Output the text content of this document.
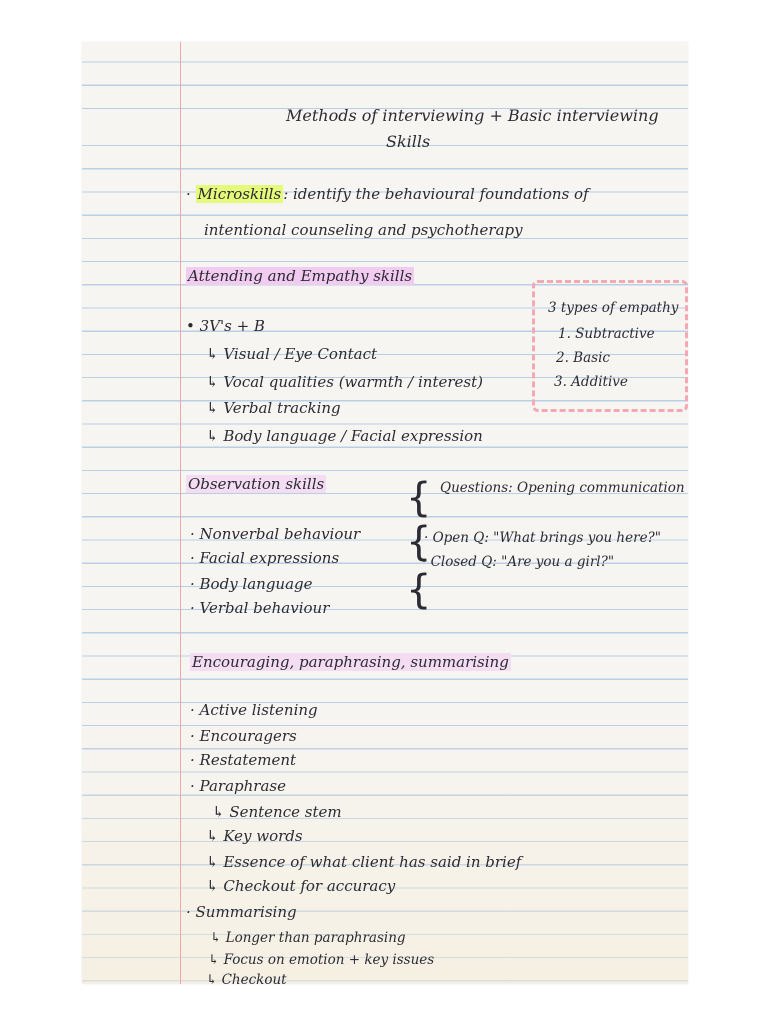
Methods of interviewing + Basic interviewing
Skills
· Microskills : identify the behavioural foundations of
intentional counseling and psychotherapy
Attending and Empathy skills
• 3V's + B
↳ Visual / Eye Contact
↳ Vocal qualities (warmth / interest)
↳ Verbal tracking
↳ Body language / Facial expression
3 types of empathy
1. Subtractive
2. Basic
3. Additive
Observation skills
· Nonverbal behaviour
· Facial expressions
· Body language
· Verbal behaviour
{
{
{
Questions: Opening communication
· Open Q: "What brings you here?"
· Closed Q: "Are you a girl?"
Encouraging, paraphrasing, summarising
· Active listening
· Encouragers
· Restatement
· Paraphrase
↳ Sentence stem
↳ Key words
↳ Essence of what client has said in brief
↳ Checkout for accuracy
· Summarising
↳ Longer than paraphrasing
↳ Focus on emotion + key issues
↳ Checkout
